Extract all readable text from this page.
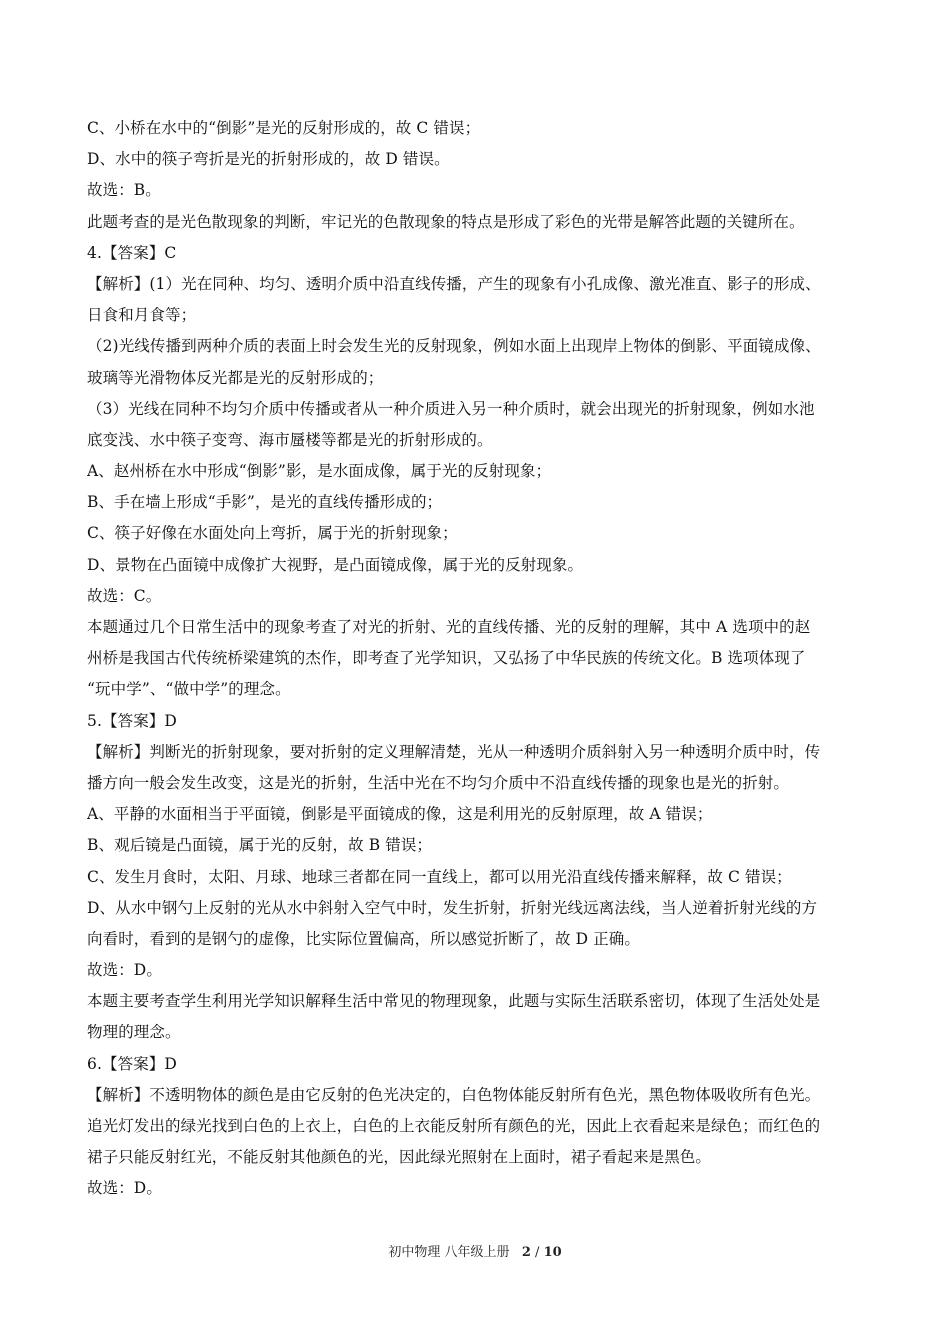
C、小桥在水中的“倒影”是光的反射形成的，故 C 错误；
D、水中的筷子弯折是光的折射形成的，故 D 错误。
故选：B。
此题考查的是光色散现象的判断，牢记光的色散现象的特点是形成了彩色的光带是解答此题的关键所在。
4.【答案】C
【解析】(1）光在同种、均匀、透明介质中沿直线传播，产生的现象有小孔成像、激光准直、影子的形成、
日食和月食等；
（2)光线传播到两种介质的表面上时会发生光的反射现象，例如水面上出现岸上物体的倒影、平面镜成像、
玻璃等光滑物体反光都是光的反射形成的；
（3）光线在同种不均匀介质中传播或者从一种介质进入另一种介质时，就会出现光的折射现象，例如水池
底变浅、水中筷子变弯、海市蜃楼等都是光的折射形成的。
A、赵州桥在水中形成“倒影”影，是水面成像，属于光的反射现象；
B、手在墙上形成“手影”，是光的直线传播形成的；
C、筷子好像在水面处向上弯折，属于光的折射现象；
D、景物在凸面镜中成像扩大视野，是凸面镜成像，属于光的反射现象。
故选：C。
本题通过几个日常生活中的现象考查了对光的折射、光的直线传播、光的反射的理解，其中 A 选项中的赵
州桥是我国古代传统桥梁建筑的杰作，即考查了光学知识，又弘扬了中华民族的传统文化。B 选项体现了
“玩中学”、“做中学”的理念。
5.【答案】D
【解析】判断光的折射现象，要对折射的定义理解清楚，光从一种透明介质斜射入另一种透明介质中时，传
播方向一般会发生改变，这是光的折射，生活中光在不均匀介质中不沿直线传播的现象也是光的折射。
A、平静的水面相当于平面镜，倒影是平面镜成的像，这是利用光的反射原理，故 A 错误；
B、观后镜是凸面镜，属于光的反射，故 B 错误；
C、发生月食时，太阳、月球、地球三者都在同一直线上，都可以用光沿直线传播来解释，故 C 错误；
D、从水中钢勺上反射的光从水中斜射入空气中时，发生折射，折射光线远离法线，当人逆着折射光线的方
向看时，看到的是钢勺的虚像，比实际位置偏高，所以感觉折断了，故 D 正确。
故选：D。
本题主要考查学生利用光学知识解释生活中常见的物理现象，此题与实际生活联系密切，体现了生活处处是
物理的理念。
6.【答案】D
【解析】不透明物体的颜色是由它反射的色光决定的，白色物体能反射所有色光，黑色物体吸收所有色光。
追光灯发出的绿光找到白色的上衣上，白色的上衣能反射所有颜色的光，因此上衣看起来是绿色；而红色的
裙子只能反射红光，不能反射其他颜色的光，因此绿光照射在上面时，裙子看起来是黑色。
故选：D。
初中物理 八年级上册 2 / 10
